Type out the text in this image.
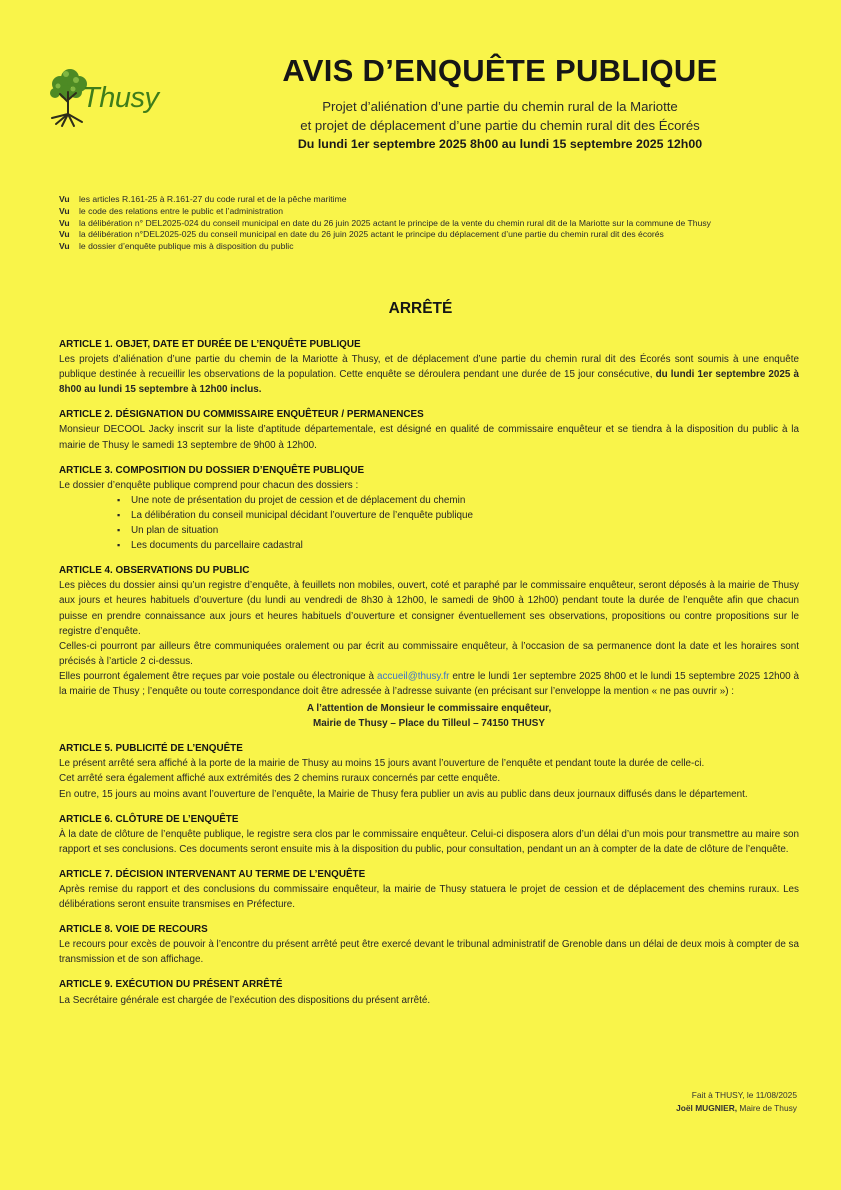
Thusy
AVIS D’ENQUÊTE PUBLIQUE

Projet d’aliénation d’une partie du chemin rural de la Mariotte

et projet de déplacement d’une partie du chemin rural dit des Écorés

Du lundi 1er septembre 2025 8h00 au lundi 15 septembre 2025 12h00

Vu	les articles R.161-25 à R.161-27 du code rural et de la pêche maritime
Vu	le code des relations entre le public et l’administration
Vu	la délibération n° DEL2025-024 du conseil municipal en date du 26 juin 2025 actant le principe de la vente du chemin rural dit de la Mariotte sur la commune de Thusy
Vu	la délibération n°DEL2025-025 du conseil municipal en date du 26 juin 2025 actant le principe du déplacement d’une partie du chemin rural dit des écorés
Vu	le dossier d’enquête publique mis à disposition du public
ARRÊTÉ
ARTICLE 1. OBJET, DATE ET DURÉE DE L’ENQUÊTE PUBLIQUE
Les projets d’aliénation d’une partie du chemin de la Mariotte à Thusy, et de déplacement d’une partie du chemin rural dit des Écorés sont soumis à une enquête publique destinée à recueillir les observations de la population. Cette enquête se déroulera pendant une durée de 15 jour consécutive, du lundi 1er septembre 2025 à 8h00 au lundi 15 septembre à 12h00 inclus.
ARTICLE 2. DÉSIGNATION DU COMMISSAIRE ENQUÊTEUR / PERMANENCES
Monsieur DECOOL Jacky inscrit sur la liste d’aptitude départementale, est désigné en qualité de commissaire enquêteur et se tiendra à la disposition du public à la mairie de Thusy le samedi 13 septembre de 9h00 à 12h00.
ARTICLE 3. COMPOSITION DU DOSSIER D’ENQUÊTE PUBLIQUE
Le dossier d’enquête publique comprend pour chacun des dossiers :
▪ Une note de présentation du projet de cession et de déplacement du chemin
▪ La délibération du conseil municipal décidant l’ouverture de l’enquête publique
▪ Un plan de situation
▪ Les documents du parcellaire cadastral
ARTICLE 4. OBSERVATIONS DU PUBLIC
Les pièces du dossier ainsi qu’un registre d’enquête, à feuillets non mobiles, ouvert, coté et paraphé par le commissaire enquêteur, seront déposés à la mairie de Thusy aux jours et heures habituels d’ouverture (du lundi au vendredi de 8h30 à 12h00, le samedi de 9h00 à 12h00) pendant toute la durée de l’enquête afin que chacun puisse en prendre connaissance aux jours et heures habituels d’ouverture et consigner éventuellement ses observations, propositions ou contre propositions sur le registre d’enquête.
Celles-ci pourront par ailleurs être communiquées oralement ou par écrit au commissaire enquêteur, à l’occasion de sa permanence dont la date et les horaires sont précisés à l’article 2 ci-dessus.
Elles pourront également être reçues par voie postale ou électronique à accueil@thusy.fr entre le lundi 1er septembre 2025 8h00 et le lundi 15 septembre 2025 12h00 à la mairie de Thusy ; l’enquête ou toute correspondance doit être adressée à l’adresse suivante (en précisant sur l’enveloppe la mention « ne pas ouvrir ») :
A l’attention de Monsieur le commissaire enquêteur,
Mairie de Thusy – Place du Tilleul – 74150 THUSY
ARTICLE 5. PUBLICITÉ DE L’ENQUÊTE
Le présent arrêté sera affiché à la porte de la mairie de Thusy au moins 15 jours avant l’ouverture de l’enquête et pendant toute la durée de celle-ci.
Cet arrêté sera également affiché aux extrémités des 2 chemins ruraux concernés par cette enquête.
En outre, 15 jours au moins avant l’ouverture de l’enquête, la Mairie de Thusy fera publier un avis au public dans deux journaux diffusés dans le département.
ARTICLE 6. CLÔTURE DE L’ENQUÊTE
À la date de clôture de l’enquête publique, le registre sera clos par le commissaire enquêteur. Celui-ci disposera alors d’un délai d’un mois pour transmettre au maire son rapport et ses conclusions. Ces documents seront ensuite mis à la disposition du public, pour consultation, pendant un an à compter de la date de clôture de l’enquête.
ARTICLE 7. DÉCISION INTERVENANT AU TERME DE L’ENQUÊTE
Après remise du rapport et des conclusions du commissaire enquêteur, la mairie de Thusy statuera le projet de cession et de déplacement des chemins ruraux. Les délibérations seront ensuite transmises en Préfecture.
ARTICLE 8. VOIE DE RECOURS
Le recours pour excès de pouvoir à l’encontre du présent arrêté peut être exercé devant le tribunal administratif de Grenoble dans un délai de deux mois à compter de sa transmission et de son affichage.
ARTICLE 9. EXÉCUTION DU PRÉSENT ARRÊTÉ
La Secrétaire générale est chargée de l’exécution des dispositions du présent arrêté.
Fait à THUSY, le 11/08/2025
Joël MUGNIER, Maire de Thusy
